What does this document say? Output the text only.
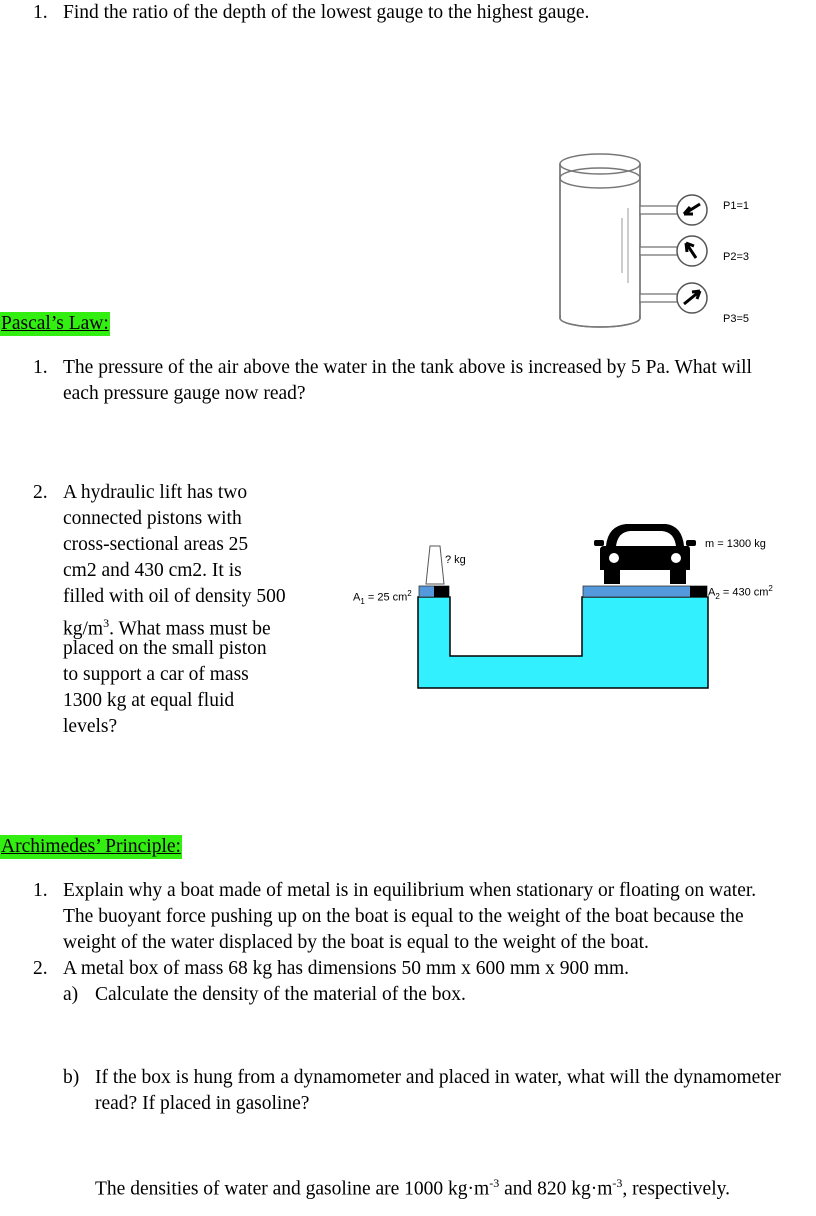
1. Find the ratio of the depth of the lowest gauge to the highest gauge.
P1=1
P2=3
P3=5
Pascal’s Law:
1. The pressure of the air above the water in the tank above is increased by 5 Pa. What will
each pressure gauge now read?
2. A hydraulic lift has two
connected pistons with
cross-sectional areas 25
cm2 and 430 cm2. It is
filled with oil of density 500
$kg/m^3$. What mass must be
placed on the small piston
to support a car of mass
1300 kg at equal fluid
levels?
$A_1 = 25$ $cm^2$	$A_2 = 430$ $cm^2$
? kg
m = 1300 kg
Archimedes’ Principle:
1. Explain why a boat made of metal is in equilibrium when stationary or floating on water.
The buoyant force pushing up on the boat is equal to the weight of the boat because the
weight of the water displaced by the boat is equal to the weight of the boat.
2. A metal box of mass 68 kg has dimensions 50 mm x 600 mm x 900 mm.
a) Calculate the density of the material of the box.
b) If the box is hung from a dynamometer and placed in water, what will the dynamometer
read? If placed in gasoline?
The densities of water and gasoline are 1000 $kg\cdot m^{-3}$ and 820 $kg\cdot m^{-3}$, respectively.
